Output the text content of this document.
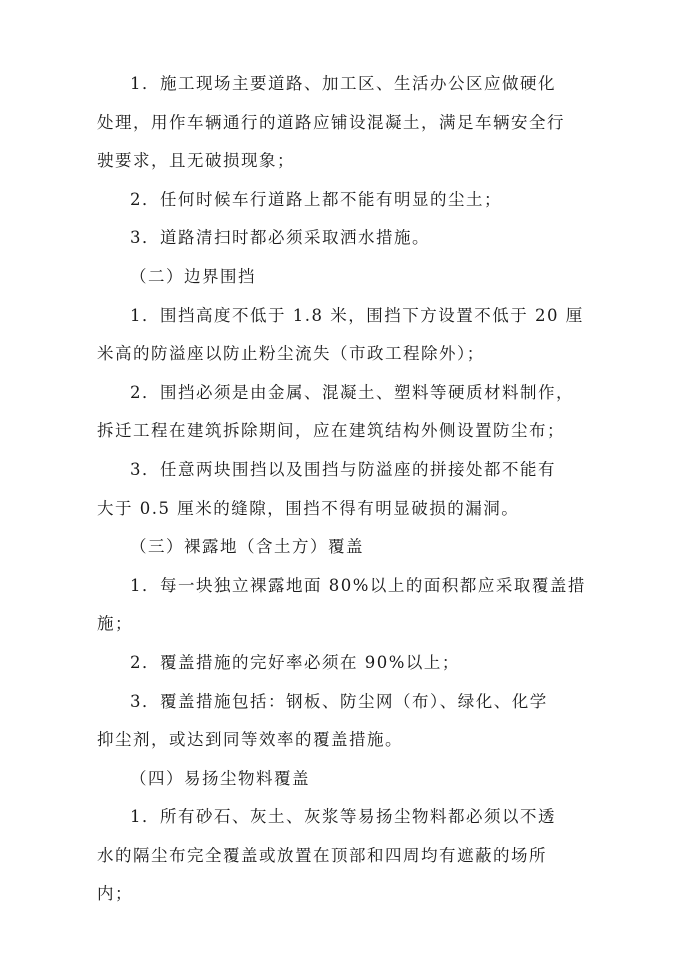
1．施工现场主要道路、加工区、生活办公区应做硬化
处理，用作车辆通行的道路应铺设混凝土，满足车辆安全行
驶要求，且无破损现象；

2．任何时候车行道路上都不能有明显的尘土；

3．道路清扫时都必须采取洒水措施。

（二）边界围挡

1．围挡高度不低于 1.8 米，围挡下方设置不低于 20 厘
米高的防溢座以防止粉尘流失（市政工程除外）；

2．围挡必须是由金属、混凝土、塑料等硬质材料制作，
拆迁工程在建筑拆除期间，应在建筑结构外侧设置防尘布；

3．任意两块围挡以及围挡与防溢座的拼接处都不能有
大于 0.5 厘米的缝隙，围挡不得有明显破损的漏洞。

（三）裸露地（含土方）覆盖

1．每一块独立裸露地面 80%以上的面积都应采取覆盖措
施；

2．覆盖措施的完好率必须在 90%以上；

3．覆盖措施包括：钢板、防尘网（布）、绿化、化学
抑尘剂，或达到同等效率的覆盖措施。

（四）易扬尘物料覆盖

1．所有砂石、灰土、灰浆等易扬尘物料都必须以不透
水的隔尘布完全覆盖或放置在顶部和四周均有遮蔽的场所
内；
